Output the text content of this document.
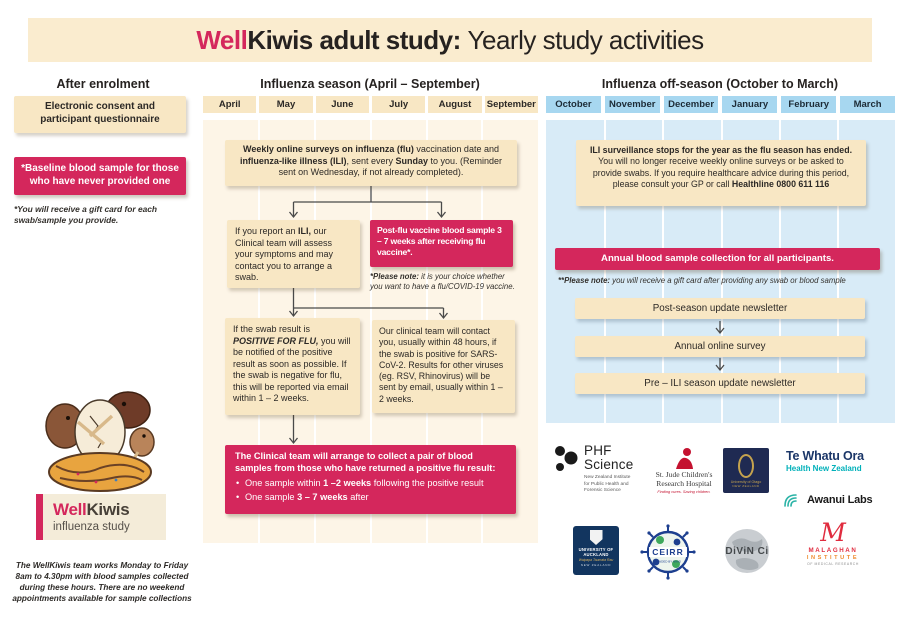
WellKiwis adult study: Yearly study activities
After enrolment
Electronic consent and participant questionnaire
*Baseline blood sample for those who have never provided one
*You will receive a gift card for each swab/sample you provide.
WellKiwis
influenza study
The WellKiwis team works Monday to Friday 8am to 4.30pm with blood samples collected during these hours. There are no weekend appointments available for sample collections
Influenza season (April – September)
April	May	June	July	August	September
Weekly online surveys on influenza (flu) vaccination date and influenza-like illness (ILI), sent every Sunday to you. (Reminder sent on Wednesday, if not already completed).
If you report an ILI, our Clinical team will assess your symptoms and may contact you to arrange a swab.
Post-flu vaccine blood sample 3 – 7 weeks after receiving flu vaccine*.
*Please note: it is your choice whether you want to have a flu/COVID-19 vaccine.
If the swab result is POSITIVE FOR FLU, you will be notified of the positive result as soon as possible. If the swab is negative for flu, this will be reported via email within 1 – 2 weeks.
Our clinical team will contact you, usually within 48 hours, if the swab is positive for SARS-CoV-2. Results for other viruses (eg. RSV, Rhinovirus) will be sent by email, usually within 1 – 2 weeks.
The Clinical team will arrange to collect a pair of blood samples from those who have returned a positive flu result:
• One sample within 1 –2 weeks following the positive result
• One sample 3 – 7 weeks after
Influenza off-season (October to March)
October	November	December	January	February	March
ILI surveillance stops for the year as the flu season has ended. You will no longer receive weekly online surveys or be asked to provide swabs. If you require healthcare advice during this period, please consult your GP or call Healthline 0800 611 116
Annual blood sample collection for all participants.
**Please note: you will receive a gift card after providing any swab or blood sample
Post-season update newsletter
Annual online survey
Pre – ILI season update newsletter
PHF
Science
New Zealand Institute
for Public Health and
Forensic Science
St. Jude Children's
Research Hospital
Finding cures. Saving children.
University of Otago
NEW ZEALAND
Te Whatu Ora
Health New Zealand
Awanui Labs
UNIVERSITY OF AUCKLAND
Waipapa Taumata Rau
NEW ZEALAND
CEIRR
FUNDED BY NIAID
DiViN Ci
M
MALAGHAN
INSTITUTE
OF MEDICAL RESEARCH
